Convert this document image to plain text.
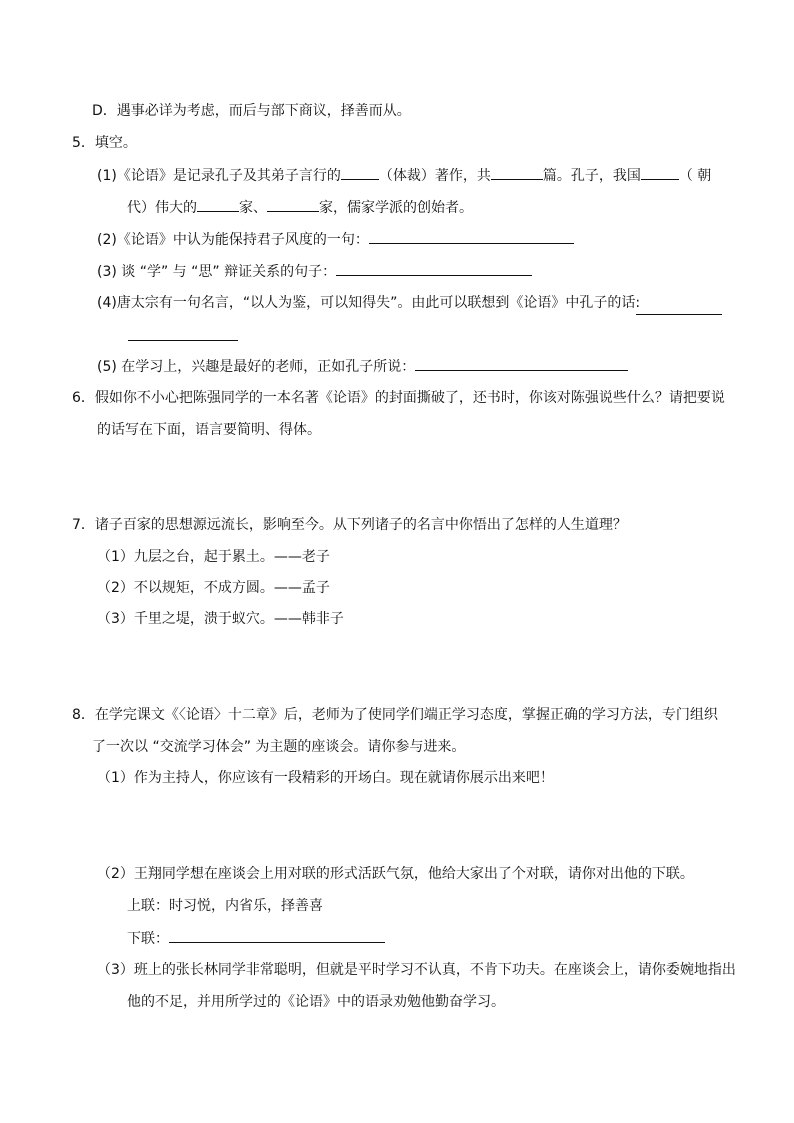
D．遇事必详为考虑，而后与部下商议，择善而从。
5．填空。
(1)《论语》是记录孔子及其弟子言行的	（体裁）著作，共	篇。孔子，我国	（ 朝
代）伟大的	家、	家，儒家学派的创始者。
(2)《论语》中认为能保持君子风度的一句：
(3) 谈 “学” 与 “思” 辩证关系的句子：
(4)唐太宗有一句名言，“以人为鉴，可以知得失”。由此可以联想到《论语》中孔子的话:
(5) 在学习上，兴趣是最好的老师，正如孔子所说：
6．假如你不小心把陈强同学的一本名著《论语》的封面撕破了，还书时，你该对陈强说些什么？请把要说
的话写在下面，语言要简明、得体。
7．诸子百家的思想源远流长，影响至今。从下列诸子的名言中你悟出了怎样的人生道理？
（1）九层之台，起于累土。——老子
（2）不以规矩，不成方圆。——孟子
（3）千里之堤，溃于蚁穴。——韩非子
8．在学完课文《〈论语〉十二章》后，老师为了使同学们端正学习态度，掌握正确的学习方法，专门组织
了一次以 “交流学习体会” 为主题的座谈会。请你参与进来。
（1）作为主持人，你应该有一段精彩的开场白。现在就请你展示出来吧！
（2）王翔同学想在座谈会上用对联的形式活跃气氛，他给大家出了个对联，请你对出他的下联。
上联：时习悦，内省乐，择善喜
下联：
（3）班上的张长林同学非常聪明，但就是平时学习不认真，不肯下功夫。在座谈会上，请你委婉地指出
他的不足，并用所学过的《论语》中的语录劝勉他勤奋学习。
